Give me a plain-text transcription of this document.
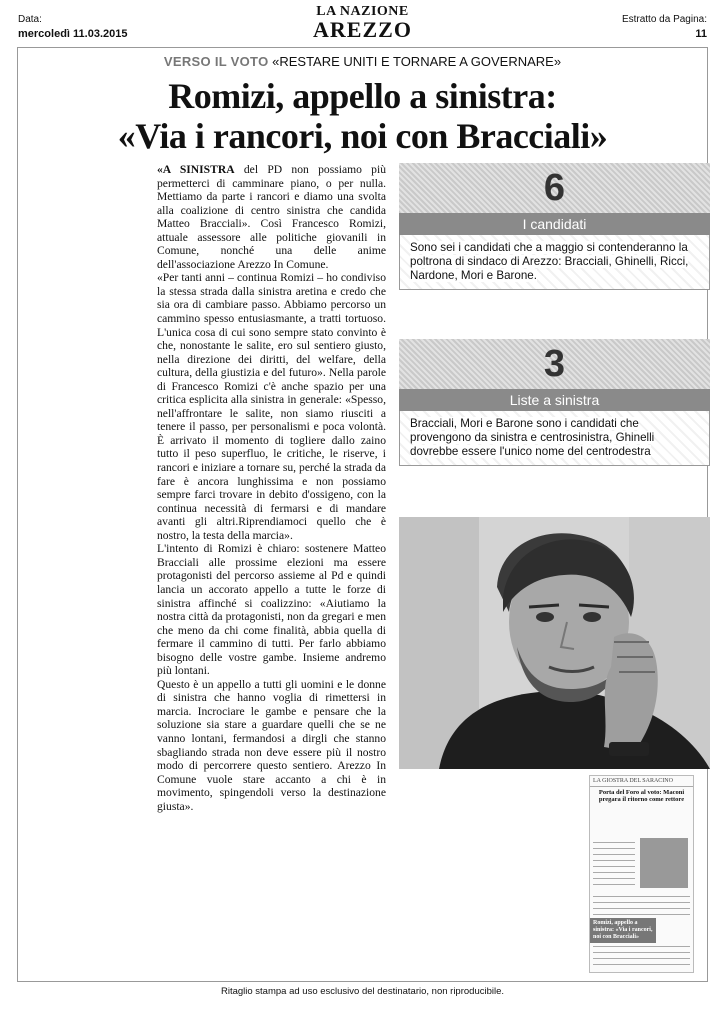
Data:
mercoledì 11.03.2015
LA NAZIONE
AREZZO	Estratto da Pagina:
11
VERSO IL VOTO «RESTARE UNITI E TORNARE A GOVERNARE»
Romizi, appello a sinistra:
«Via i rancori, noi con Bracciali»

«A SINISTRA del PD non possiamo più permetterci di camminare piano, o per nulla. Mettiamo da parte i rancori e diamo una svolta alla coalizione di centro sinistra che candida Matteo Bracciali». Così Francesco Romizi, attuale assessore alle politiche giovanili in Comune, nonché una delle anime dell'associazione Arezzo In Comune.

«Per tanti anni – continua Romizi – ho condiviso la stessa strada dalla sinistra aretina e credo che sia ora di cambiare passo. Abbiamo percorso un cammino spesso entusiasmante, a tratti tortuoso. L'unica cosa di cui sono sempre stato convinto è che, nonostante le salite, ero sul sentiero giusto, nella direzione dei diritti, del welfare, della cultura, della giustizia e del futuro». Nella parole di Francesco Romizi c'è anche spazio per una critica esplicita alla sinistra in generale: «Spesso, nell'affrontare le salite, non siamo riusciti a tenere il passo, per personalismi e poca volontà. È arrivato il momento di togliere dallo zaino tutto il peso superfluo, le critiche, le riserve, i rancori e iniziare a tornare su, perché la strada da fare è ancora lunghissima e non possiamo sempre farci trovare in debito d'ossigeno, con la continua necessità di fermarsi e di mandare avanti gli altri.Riprendiamoci quello che è nostro, la testa della marcia».

L'intento di Romizi è chiaro: sostenere Matteo Bracciali alle prossime elezioni ma essere protagonisti del percorso assieme al Pd e quindi lancia un accorato appello a tutte le forze di sinistra affinché si coalizzino: «Aiutiamo la nostra città da protagonisti, non da gregari e men che meno da chi come finalità, abbia quella di fermare il cammino di tutti. Per farlo abbiamo bisogno delle vostre gambe. Insieme andremo più lontani.

Questo è un appello a tutti gli uomini e le donne di sinistra che hanno voglia di rimettersi in marcia. Incrociare le gambe e pensare che la soluzione sia stare a guardare quelli che se ne vanno lontani, fermandosi a dirgli che stanno sbagliando strada non deve essere più il nostro modo di percorrere questo sentiero. Arezzo In Comune vuole stare accanto a chi è in movimento, spingendoli verso la destinazione giusta».

6
I candidati
Sono sei i candidati che a maggio si contenderanno la poltrona di sindaco di Arezzo: Bracciali, Ghinelli, Ricci, Nardone, Mori e Barone.
3
Liste a sinistra
Bracciali, Mori e Barone sono i candidati che provengono da sinistra e centrosinistra, Ghinelli dovrebbe essere l'unico nome del centrodestra
LA GIOSTRA DEL SARACINO
Porta del Foro al voto: Maconi pregara il ritorno come rettore
Romizi, appello a sinistra: «Via i rancori, noi con Bracciali»
Ritaglio stampa ad uso esclusivo del destinatario, non riproducibile.
